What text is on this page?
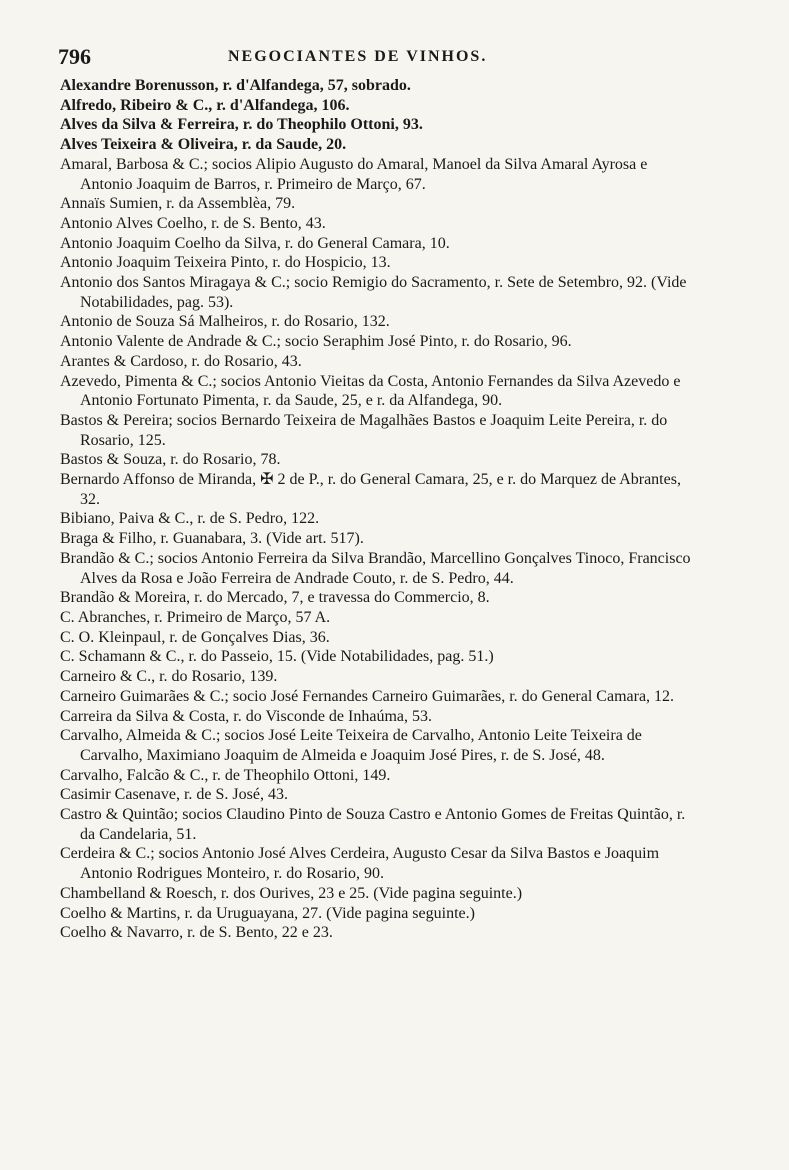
796	NEGOCIANTES DE VINHOS.

Alexandre Borenusson, r. d'Alfandega, 57, sobrado.

Alfredo, Ribeiro & C., r. d'Alfandega, 106.

Alves da Silva & Ferreira, r. do Theophilo Ottoni, 93.

Alves Teixeira & Oliveira, r. da Saude, 20.

Amaral, Barbosa & C.; socios Alipio Augusto do Amaral, Manoel da Silva Amaral Ayrosa e Antonio Joaquim de Barros, r. Primeiro de Março, 67.

Annaïs Sumien, r. da Assemblèa, 79.

Antonio Alves Coelho, r. de S. Bento, 43.

Antonio Joaquim Coelho da Silva, r. do General Camara, 10.

Antonio Joaquim Teixeira Pinto, r. do Hospicio, 13.

Antonio dos Santos Miragaya & C.; socio Remigio do Sacramento, r. Sete de Setembro, 92. (Vide Notabilidades, pag. 53).

Antonio de Souza Sá Malheiros, r. do Rosario, 132.

Antonio Valente de Andrade & C.; socio Seraphim José Pinto, r. do Rosario, 96.

Arantes & Cardoso, r. do Rosario, 43.

Azevedo, Pimenta & C.; socios Antonio Vieitas da Costa, Antonio Fernandes da Silva Azevedo e Antonio Fortunato Pimenta, r. da Saude, 25, e r. da Alfandega, 90.

Bastos & Pereira; socios Bernardo Teixeira de Magalhães Bastos e Joaquim Leite Pereira, r. do Rosario, 125.

Bastos & Souza, r. do Rosario, 78.

Bernardo Affonso de Miranda, ✠ 2 de P., r. do General Camara, 25, e r. do Marquez de Abrantes, 32.

Bibiano, Paiva & C., r. de S. Pedro, 122.

Braga & Filho, r. Guanabara, 3. (Vide art. 517).

Brandão & C.; socios Antonio Ferreira da Silva Brandão, Marcellino Gonçalves Tinoco, Francisco Alves da Rosa e João Ferreira de Andrade Couto, r. de S. Pedro, 44.

Brandão & Moreira, r. do Mercado, 7, e travessa do Commercio, 8.

C. Abranches, r. Primeiro de Março, 57 A.

C. O. Kleinpaul, r. de Gonçalves Dias, 36.

C. Schamann & C., r. do Passeio, 15. (Vide Notabilidades, pag. 51.)

Carneiro & C., r. do Rosario, 139.

Carneiro Guimarães & C.; socio José Fernandes Carneiro Guimarães, r. do General Camara, 12.

Carreira da Silva & Costa, r. do Visconde de Inhaúma, 53.

Carvalho, Almeida & C.; socios José Leite Teixeira de Carvalho, Antonio Leite Teixeira de Carvalho, Maximiano Joaquim de Almeida e Joaquim José Pires, r. de S. José, 48.

Carvalho, Falcão & C., r. de Theophilo Ottoni, 149.

Casimir Casenave, r. de S. José, 43.

Castro & Quintão; socios Claudino Pinto de Souza Castro e Antonio Gomes de Freitas Quintão, r. da Candelaria, 51.

Cerdeira & C.; socios Antonio José Alves Cerdeira, Augusto Cesar da Silva Bastos e Joaquim Antonio Rodrigues Monteiro, r. do Rosario, 90.

Chambelland & Roesch, r. dos Ourives, 23 e 25. (Vide pagina seguinte.)

Coelho & Martins, r. da Uruguayana, 27. (Vide pagina seguinte.)

Coelho & Navarro, r. de S. Bento, 22 e 23.
